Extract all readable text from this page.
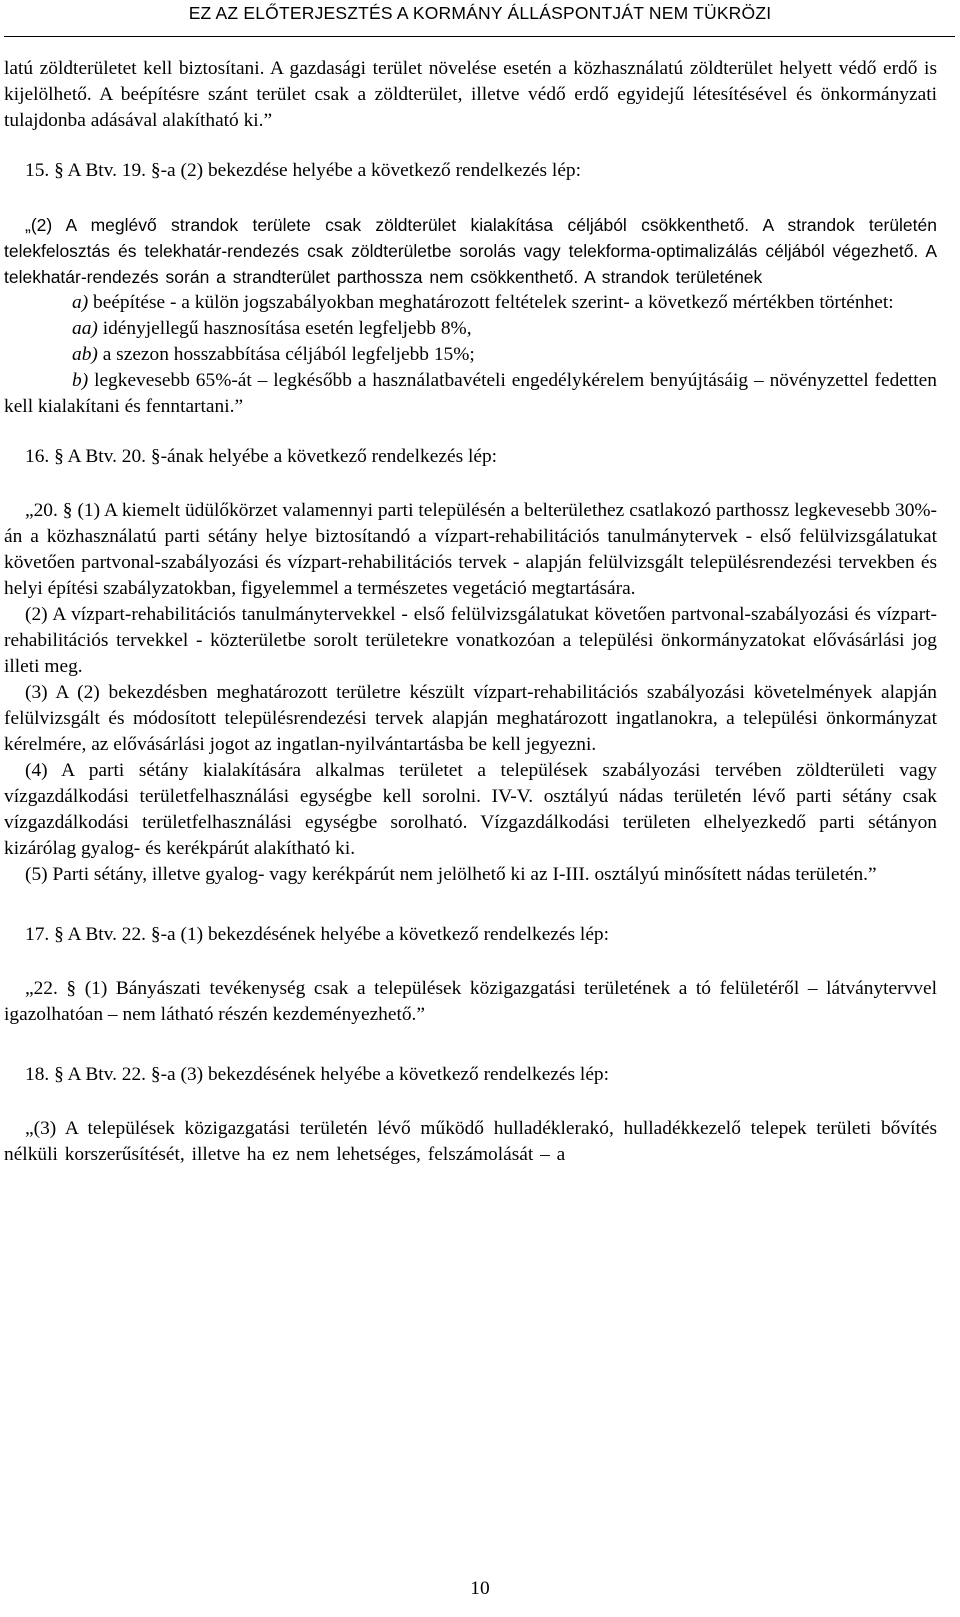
EZ AZ ELŐTERJESZTÉS A KORMÁNY ÁLLÁSPONTJÁT NEM TÜKRÖZI

latú zöldterületet kell biztosítani. A gazdasági terület növelése esetén a közhasználatú zöldterület helyett védő erdő is kijelölhető. A beépítésre szánt terület csak a zöldterület, illetve védő erdő egyidejű létesítésével és önkormányzati tulajdonba adásával alakítható ki.”

15. § A Btv. 19. §-a (2) bekezdése helyébe a következő rendelkezés lép:

„(2) A meglévő strandok területe csak zöldterület kialakítása céljából csökkenthető. A strandok területén telekfelosztás és telekhatár-rendezés csak zöldterületbe sorolás vagy telekforma-optimalizálás céljából végezhető. A telekhatár-rendezés során a strandterület parthossza nem csökkenthető. A strandok területének

a) beépítése - a külön jogszabályokban meghatározott feltételek szerint- a következő mértékben történhet:

aa) idényjellegű hasznosítása esetén legfeljebb 8%,

ab) a szezon hosszabbítása céljából legfeljebb 15%;

b) legkevesebb 65%-át – legkésőbb a használatbavételi engedélykérelem benyújtásáig – növényzettel fedetten kell kialakítani és fenntartani.”

16. § A Btv. 20. §-ának helyébe a következő rendelkezés lép:

„20. § (1) A kiemelt üdülőkörzet valamennyi parti településén a belterülethez csatlakozó parthossz legkevesebb 30%-án a közhasználatú parti sétány helye biztosítandó a vízpart-rehabilitációs tanulmánytervek - első felülvizsgálatukat követően partvonal-szabályozási és vízpart-rehabilitációs tervek - alapján felülvizsgált településrendezési tervekben és helyi építési szabályzatokban, figyelemmel a természetes vegetáció megtartására.

(2) A vízpart-rehabilitációs tanulmánytervekkel - első felülvizsgálatukat követően partvonal-szabályozási és vízpart-rehabilitációs tervekkel - közterületbe sorolt területekre vonatkozóan a települési önkormányzatokat elővásárlási jog illeti meg.

(3) A (2) bekezdésben meghatározott területre készült vízpart-rehabilitációs szabályozási követelmények alapján felülvizsgált és módosított településrendezési tervek alapján meghatározott ingatlanokra, a települési önkormányzat kérelmére, az elővásárlási jogot az ingatlan-nyilvántartásba be kell jegyezni.

(4) A parti sétány kialakítására alkalmas területet a települések szabályozási tervében zöldterületi vagy vízgazdálkodási területfelhasználási egységbe kell sorolni. IV-V. osztályú nádas területén lévő parti sétány csak vízgazdálkodási területfelhasználási egységbe sorolható. Vízgazdálkodási területen elhelyezkedő parti sétányon kizárólag gyalog- és kerékpárút alakítható ki.

(5) Parti sétány, illetve gyalog- vagy kerékpárút nem jelölhető ki az I-III. osztályú minősített nádas területén.”

17. § A Btv. 22. §-a (1) bekezdésének helyébe a következő rendelkezés lép:

„22. § (1) Bányászati tevékenység csak a települések közigazgatási területének a tó felületéről – látványtervvel igazolhatóan – nem látható részén kezdeményezhető.”

18. § A Btv. 22. §-a (3) bekezdésének helyébe a következő rendelkezés lép:

„(3) A települések közigazgatási területén lévő működő hulladéklerakó, hulladékkezelő telepek területi bővítés nélküli korszerűsítését, illetve ha ez nem lehetséges, felszámolását – a

10
